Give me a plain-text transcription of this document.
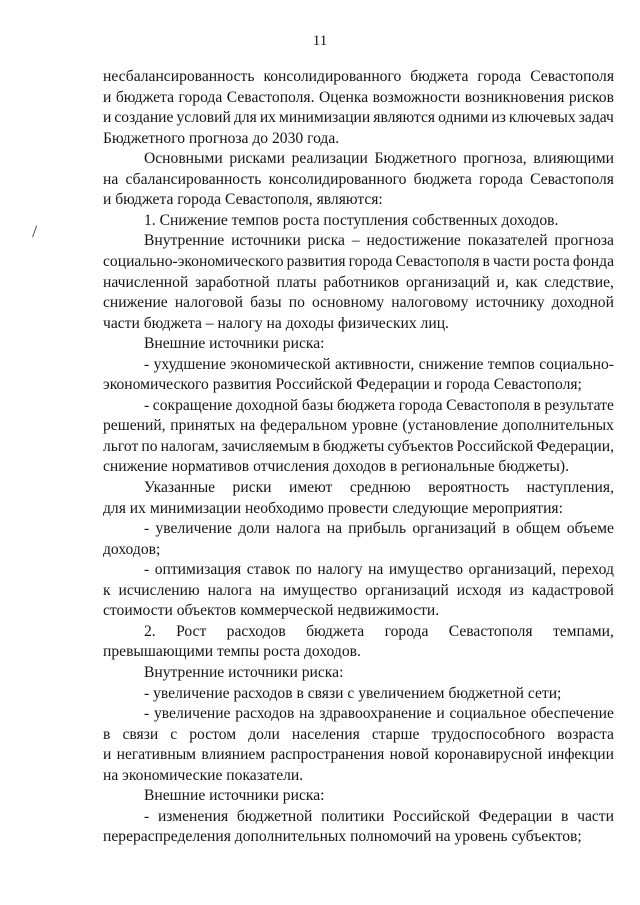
11
несбалансированность консолидированного бюджета города Севастополя
и бюджета города Севастополя. Оценка возможности возникновения рисков
и создание условий для их минимизации являются одними из ключевых задач
Бюджетного прогноза до 2030 года.
Основными рисками реализации Бюджетного прогноза, влияющими
на сбалансированность консолидированного бюджета города Севастополя
и бюджета города Севастополя, являются:
1. Снижение темпов роста поступления собственных доходов.
Внутренние источники риска – недостижение показателей прогноза
социально-экономического развития города Севастополя в части роста фонда
начисленной заработной платы работников организаций и, как следствие,
снижение налоговой базы по основному налоговому источнику доходной
части бюджета – налогу на доходы физических лиц.
Внешние источники риска:
- ухудшение экономической активности, снижение темпов социально-
экономического развития Российской Федерации и города Севастополя;
- сокращение доходной базы бюджета города Севастополя в результате
решений, принятых на федеральном уровне (установление дополнительных
льгот по налогам, зачисляемым в бюджеты субъектов Российской Федерации,
снижение нормативов отчисления доходов в региональные бюджеты).
Указанные риски имеют среднюю вероятность наступления,
для их минимизации необходимо провести следующие мероприятия:
- увеличение доли налога на прибыль организаций в общем объеме
доходов;
- оптимизация ставок по налогу на имущество организаций, переход
к исчислению налога на имущество организаций исходя из кадастровой
стоимости объектов коммерческой недвижимости.
2. Рост расходов бюджета города Севастополя темпами,
превышающими темпы роста доходов.
Внутренние источники риска:
- увеличение расходов в связи с увеличением бюджетной сети;
- увеличение расходов на здравоохранение и социальное обеспечение
в связи с ростом доли населения старше трудоспособного возраста
и негативным влиянием распространения новой коронавирусной инфекции
на экономические показатели.
Внешние источники риска:
- изменения бюджетной политики Российской Федерации в части
перераспределения дополнительных полномочий на уровень субъектов;
